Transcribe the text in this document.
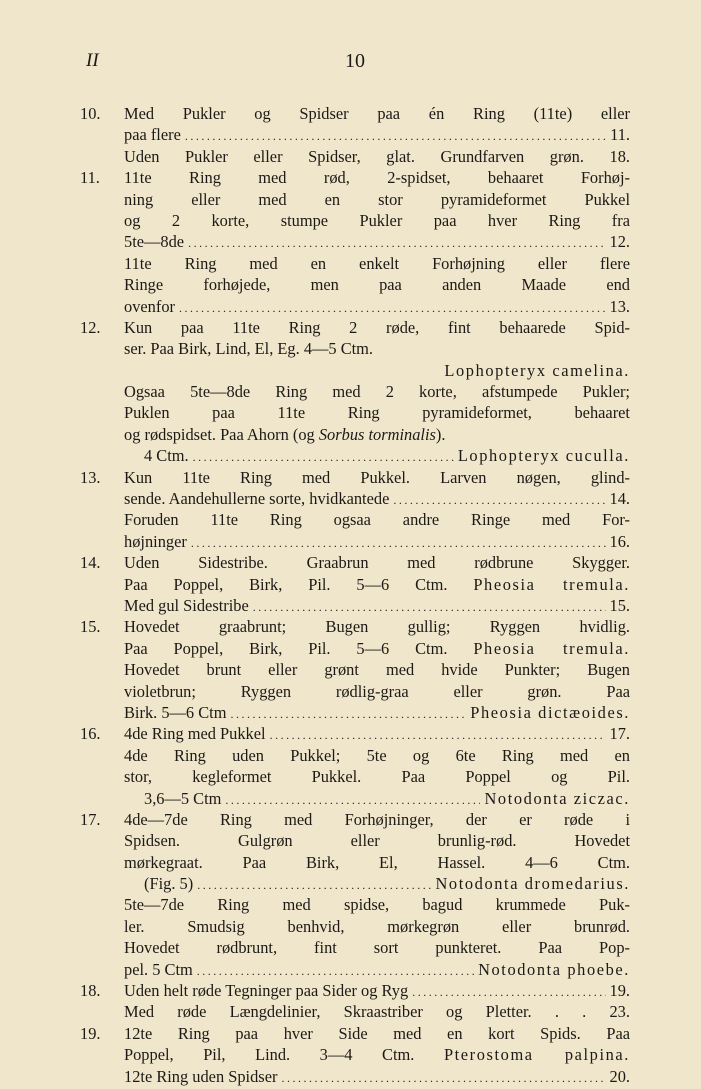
II	10
10. Med Pukler og Spidser paa én Ring (11te) eller
paa flere .....	11.
Uden Pukler eller Spidser, glat. Grundfarven grøn. 18.
11. 11te Ring med rød, 2-spidset, behaaret Forhøj-
ning eller med en stor pyramideformet Pukkel
og 2 korte, stumpe Pukler paa hver Ring fra
5te—8de .....	12.
11te Ring med en enkelt Forhøjning eller flere
Ringe forhøjede, men paa anden Maade end
ovenfor .....	13.
12. Kun paa 11te Ring 2 røde, fint behaarede Spid-
ser. Paa Birk, Lind, El, Eg. 4—5 Ctm.
Lophopteryx camelina.
Ogsaa 5te—8de Ring med 2 korte, afstumpede Pukler;
Puklen paa 11te Ring pyramideformet, behaaret
og rødspidset. Paa Ahorn (og Sorbus torminalis).
4 Ctm. .....	Lophopteryx cuculla.
13. Kun 11te Ring med Pukkel. Larven nøgen, glind-
sende. Aandehullerne sorte, hvidkantede .....	14.
Foruden 11te Ring ogsaa andre Ringe med For-
højninger .....	16.
14. Uden Sidestribe. Graabrun med rødbrune Skygger.
Paa Poppel, Birk, Pil. 5—6 Ctm. Pheosia tremula.
Med gul Sidestribe .....	15.
15. Hovedet graabrunt; Bugen gullig; Ryggen hvidlig.
Paa Poppel, Birk, Pil. 5—6 Ctm. Pheosia tremula.
Hovedet brunt eller grønt med hvide Punkter; Bugen
violetbrun; Ryggen rødlig-graa eller grøn. Paa
Birk. 5—6 Ctm .....	Pheosia dictæoides.
16. 4de Ring med Pukkel .....	17.
4de Ring uden Pukkel; 5te og 6te Ring med en
stor, kegleformet Pukkel. Paa Poppel og Pil.
3,6—5 Ctm .....	Notodonta ziczac.
17. 4de—7de Ring med Forhøjninger, der er røde i
Spidsen. Gulgrøn eller brunlig-rød. Hovedet
mørkegraat. Paa Birk, El, Hassel. 4—6 Ctm.
(Fig. 5) .....	Notodonta dromedarius.
5te—7de Ring med spidse, bagud krummede Puk-
ler. Smudsig benhvid, mørkegrøn eller brunrød.
Hovedet rødbrunt, fint sort punkteret. Paa Pop-
pel. 5 Ctm .....	Notodonta phoebe.
18. Uden helt røde Tegninger paa Sider og Ryg .....	19.
Med røde Længdelinier, Skraastriber og Pletter. . . 23.
19. 12te Ring paa hver Side med en kort Spids. Paa
Poppel, Pil, Lind. 3—4 Ctm. Pterostoma palpina.
12te Ring uden Spidser .....	20.
